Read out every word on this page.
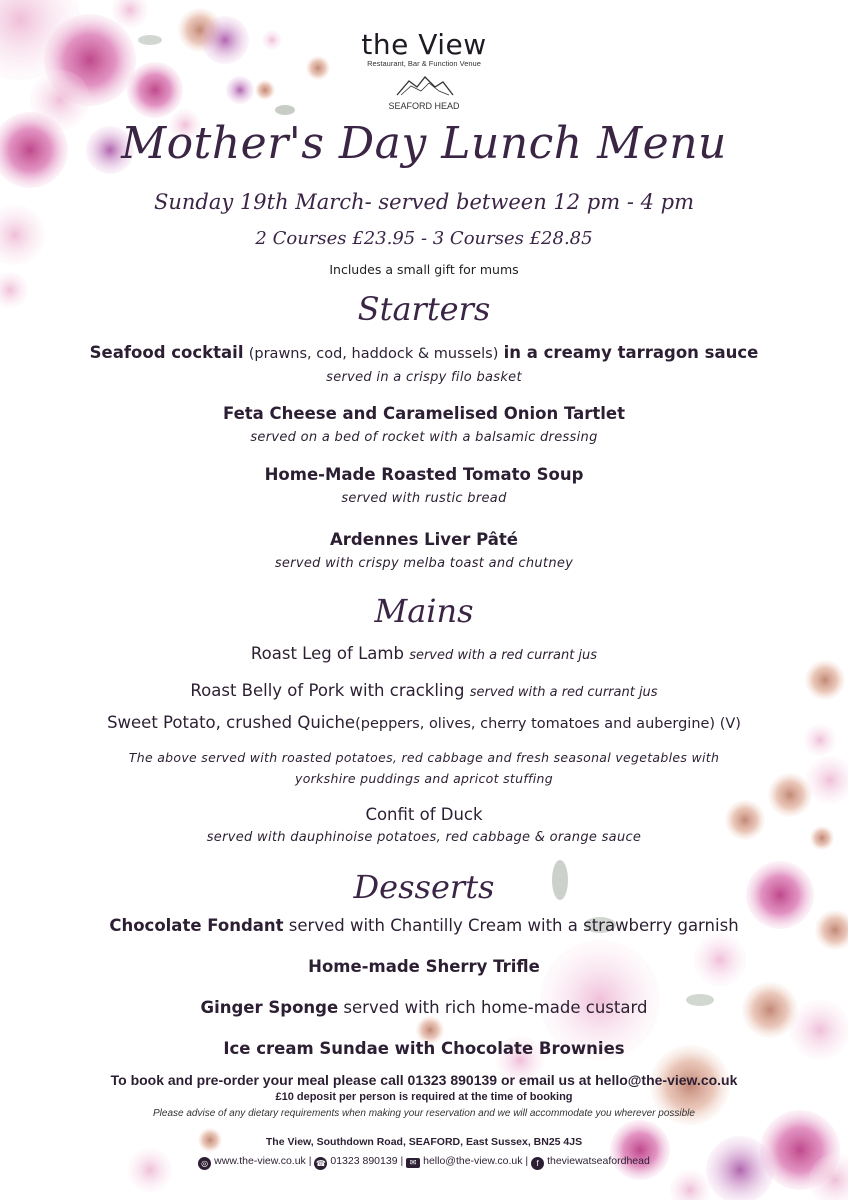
the View
Restaurant, Bar & Function Venue
SEAFORD HEAD
Mother's Day Lunch Menu
Sunday 19th March- served between 12 pm - 4 pm
2 Courses £23.95 - 3 Courses £28.85
Includes a small gift for mums
Starters
Seafood cocktail (prawns, cod, haddock & mussels) in a creamy tarragon sauce
served in a crispy filo basket
Feta Cheese and Caramelised Onion Tartlet
served on a bed of rocket with a balsamic dressing
Home-Made Roasted Tomato Soup
served with rustic bread
Ardennes Liver Pâté
served with crispy melba toast and chutney
Mains
Roast Leg of Lamb served with a red currant jus
Roast Belly of Pork with crackling served with a red currant jus
Sweet Potato, crushed Quiche(peppers, olives, cherry tomatoes and aubergine) (V)
The above served with roasted potatoes, red cabbage and fresh seasonal vegetables with
yorkshire puddings and apricot stuffing
Confit of Duck
served with dauphinoise potatoes, red cabbage & orange sauce
Desserts
Chocolate Fondant served with Chantilly Cream with a strawberry garnish
Home-made Sherry Trifle
Ginger Sponge served with rich home-made custard
Ice cream Sundae with Chocolate Brownies
To book and pre-order your meal please call 01323 890139 or email us at hello@the-view.co.uk
£10 deposit per person is required at the time of booking
Please advise of any dietary requirements when making your reservation and we will accommodate you wherever possible
The View, Southdown Road, SEAFORD, East Sussex, BN25 4JS
◎ www.the-view.co.uk | ☎ 01323 890139 | ✉ hello@the-view.co.uk | f theviewatseafordhead
